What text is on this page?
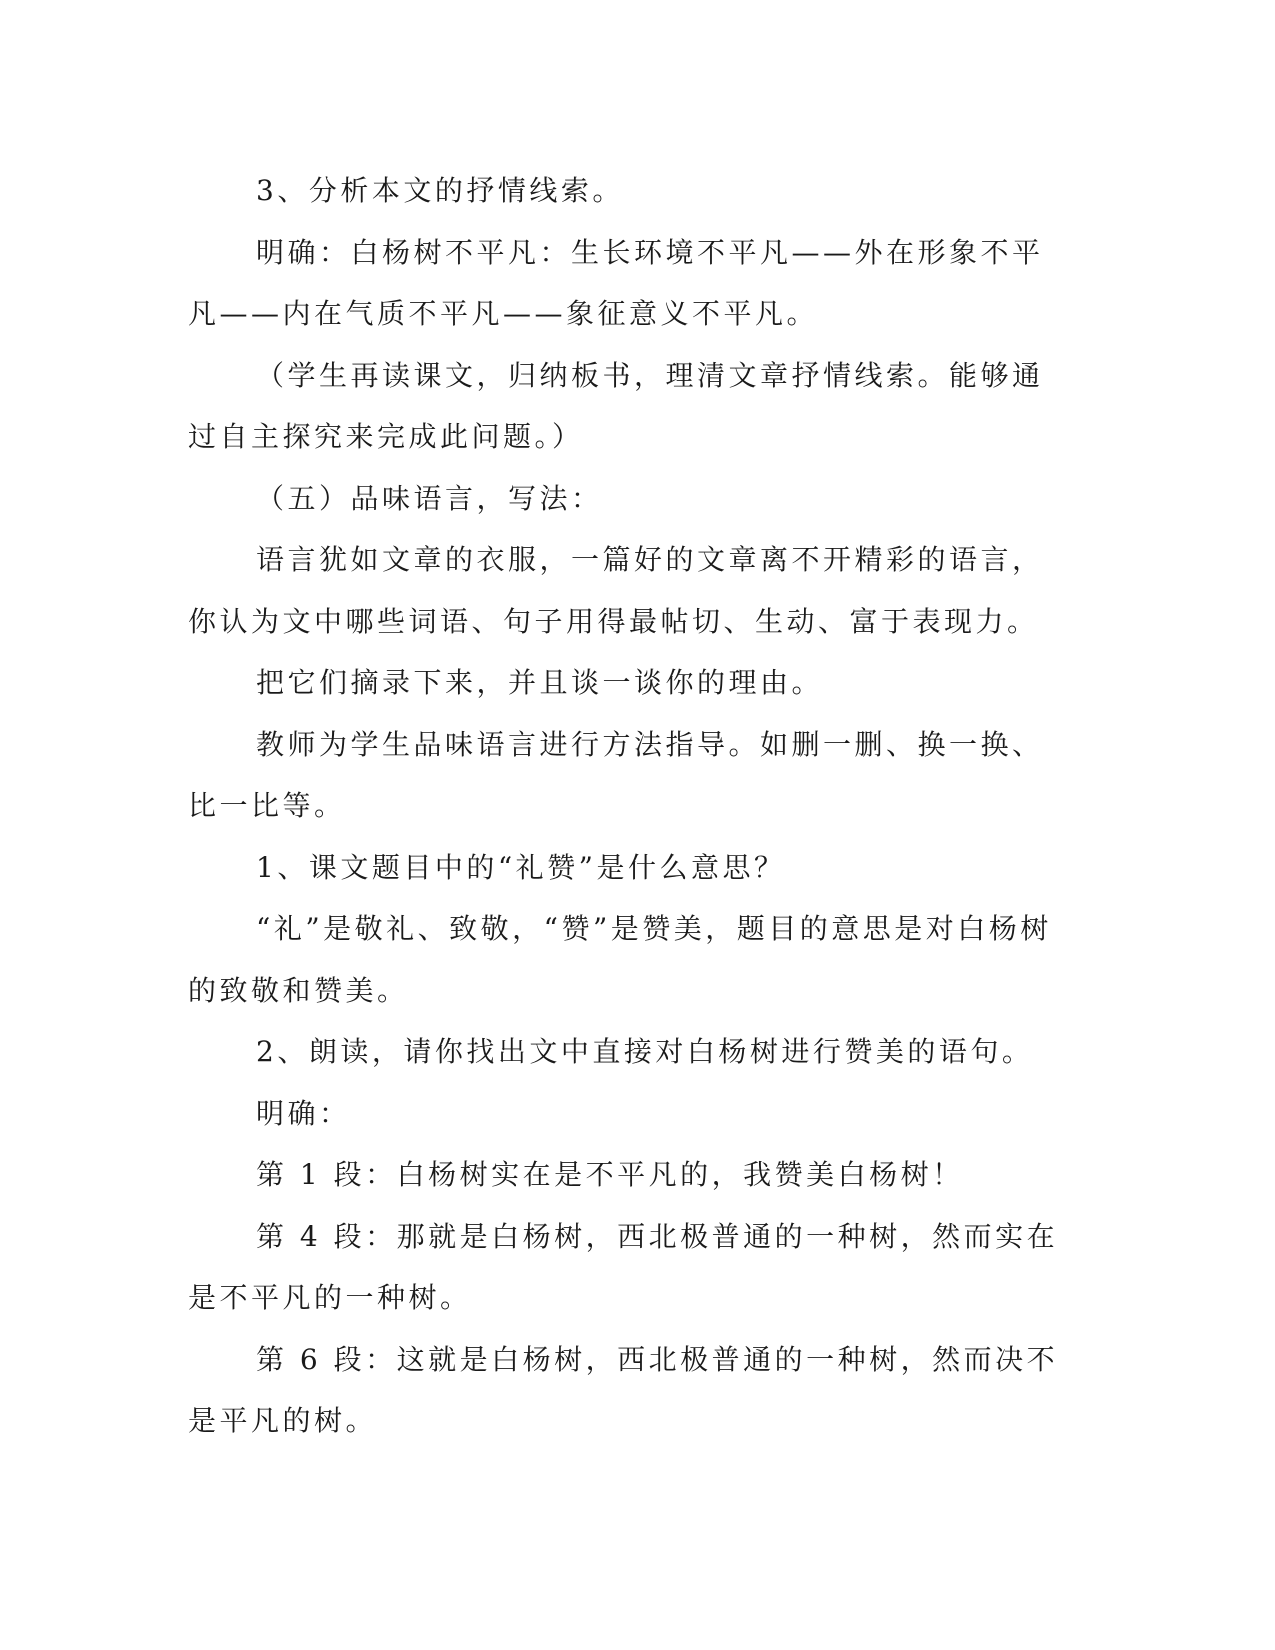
3、分析本文的抒情线索。

明确：白杨树不平凡：生长环境不平凡——外在形象不平凡——内在气质不平凡——象征意义不平凡。

（学生再读课文，归纳板书，理清文章抒情线索。能够通过自主探究来完成此问题。）

（五）品味语言，写法：

语言犹如文章的衣服，一篇好的文章离不开精彩的语言，你认为文中哪些词语、句子用得最帖切、生动、富于表现力。

把它们摘录下来，并且谈一谈你的理由。

教师为学生品味语言进行方法指导。如删一删、换一换、比一比等。

1、课文题目中的“礼赞”是什么意思？

“礼”是敬礼、致敬，“赞”是赞美，题目的意思是对白杨树的致敬和赞美。

2、朗读，请你找出文中直接对白杨树进行赞美的语句。

明确：

第 1 段：白杨树实在是不平凡的，我赞美白杨树！

第 4 段：那就是白杨树，西北极普通的一种树，然而实在是不平凡的一种树。

第 6 段：这就是白杨树，西北极普通的一种树，然而决不是平凡的树。
